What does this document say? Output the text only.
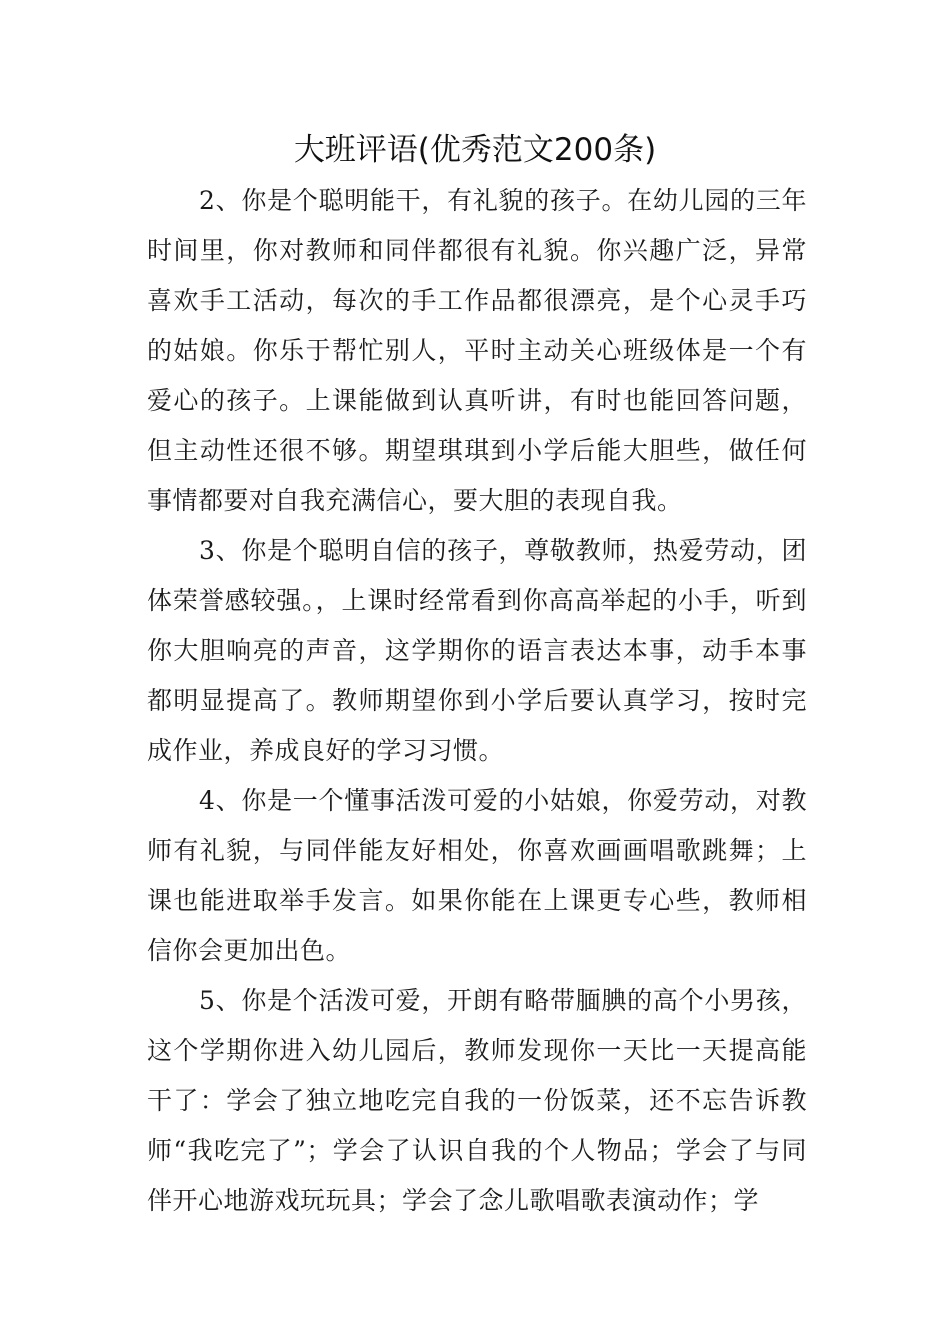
大班评语(优秀范文200条)

2、你是个聪明能干，有礼貌的孩子。在幼儿园的三年时间里，你对教师和同伴都很有礼貌。你兴趣广泛，异常喜欢手工活动，每次的手工作品都很漂亮，是个心灵手巧的姑娘。你乐于帮忙别人，平时主动关心班级体是一个有爱心的孩子。上课能做到认真听讲，有时也能回答问题，但主动性还很不够。期望琪琪到小学后能大胆些，做任何事情都要对自我充满信心，要大胆的表现自我。

3、你是个聪明自信的孩子，尊敬教师，热爱劳动，团体荣誉感较强。，上课时经常看到你高高举起的小手，听到你大胆响亮的声音，这学期你的语言表达本事，动手本事都明显提高了。教师期望你到小学后要认真学习，按时完成作业，养成良好的学习习惯。

4、你是一个懂事活泼可爱的小姑娘，你爱劳动，对教师有礼貌，与同伴能友好相处，你喜欢画画唱歌跳舞；上课也能进取举手发言。如果你能在上课更专心些，教师相信你会更加出色。

5、你是个活泼可爱，开朗有略带腼腆的高个小男孩，这个学期你进入幼儿园后，教师发现你一天比一天提高能干了：学会了独立地吃完自我的一份饭菜，还不忘告诉教师“我吃完了”；学会了认识自我的个人物品；学会了与同伴开心地游戏玩玩具；学会了念儿歌唱歌表演动作；学
